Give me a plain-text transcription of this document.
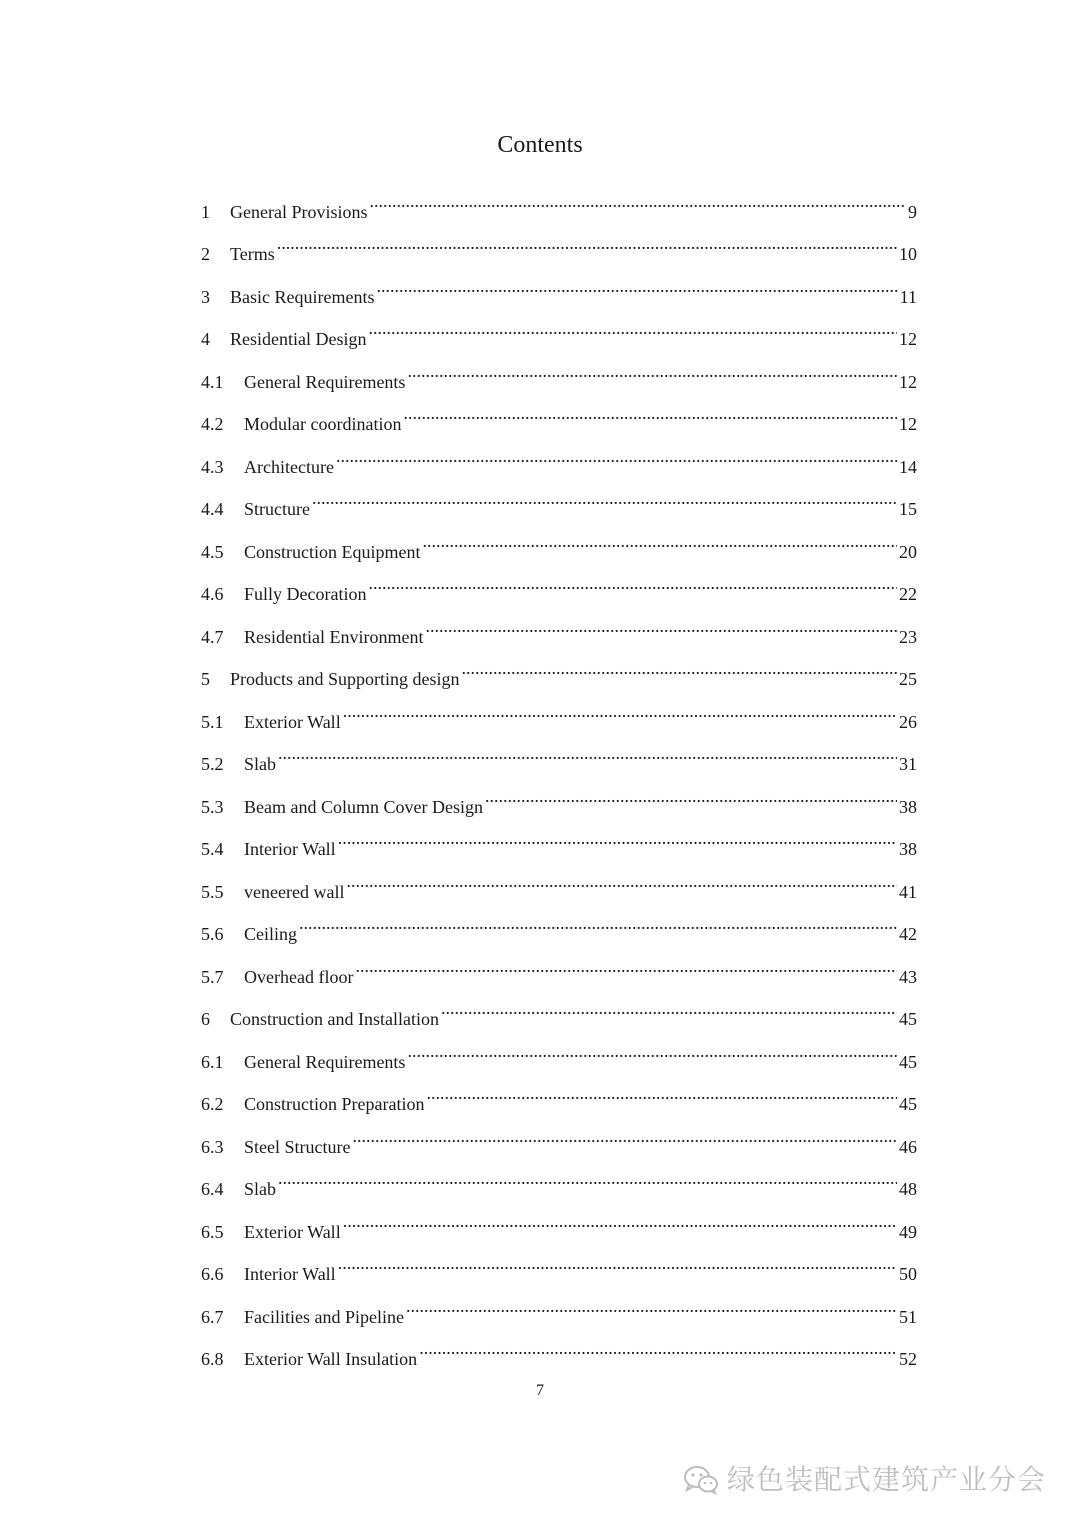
Contents
1	General Provisions .....	9
2	Terms .....	10
3	Basic Requirements .....	11
4	Residential Design .....	12
4.1	General Requirements .....	12
4.2	Modular coordination .....	12
4.3	Architecture .....	14
4.4	Structure .....	15
4.5	Construction Equipment .....	20
4.6	Fully Decoration .....	22
4.7	Residential Environment .....	23
5	Products and Supporting design .....	25
5.1	Exterior Wall .....	26
5.2	Slab .....	31
5.3	Beam and Column Cover Design .....	38
5.4	Interior Wall .....	38
5.5	veneered wall .....	41
5.6	Ceiling .....	42
5.7	Overhead floor .....	43
6	Construction and Installation .....	45
6.1	General Requirements .....	45
6.2	Construction Preparation .....	45
6.3	Steel Structure .....	46
6.4	Slab .....	48
6.5	Exterior Wall .....	49
6.6	Interior Wall .....	50
6.7	Facilities and Pipeline .....	51
6.8	Exterior Wall Insulation .....	52
7
绿色装配式建筑产业分会
